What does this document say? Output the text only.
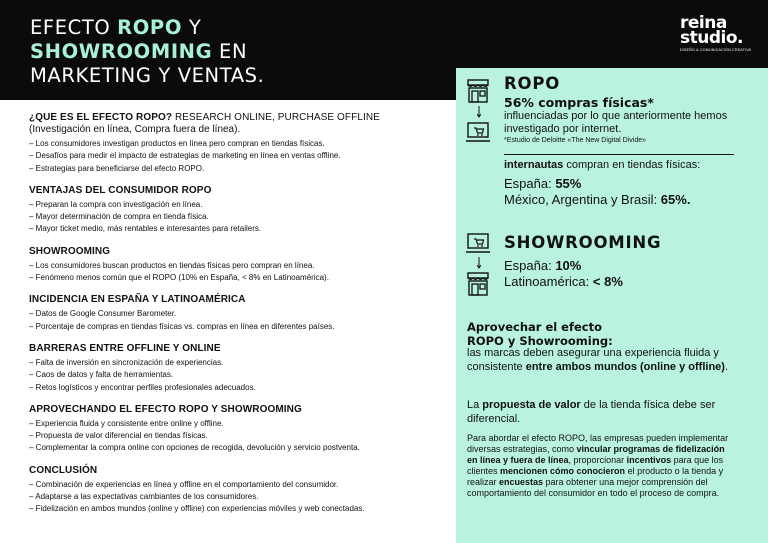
EFECTO ROPO Y
SHOWROOMING EN
MARKETING Y VENTAS.
reina
studio.
DISEÑO & COMUNICACIÓN CREATIVA
¿QUE ES EL EFECTO ROPO? RESEARCH ONLINE, PURCHASE OFFLINE
(Investigación en línea, Compra fuera de línea).
– Los consumidores investigan productos en línea pero compran en tiendas físicas.
– Desafíos para medir el impacto de estrategias de marketing en línea en ventas offline.
– Estrategias para beneficiarse del efecto ROPO.
VENTAJAS DEL CONSUMIDOR ROPO
– Preparan la compra con investigación en línea.
– Mayor determinación de compra en tienda física.
– Mayor ticket medio, más rentables e interesantes para retailers.
SHOWROOMING
– Los consumidores buscan productos en tiendas físicas pero compran en línea.
– Fenómeno menos común que el ROPO (10% en España, < 8% en Latinoamérica).
INCIDENCIA EN ESPAÑA Y LATINOAMÉRICA
– Datos de Google Consumer Barometer.
– Porcentaje de compras en tiendas físicas vs. compras en línea en diferentes países.
BARRERAS ENTRE OFFLINE Y ONLINE
– Falta de inversión en sincronización de experiencias.
– Caos de datos y falta de herramientas.
– Retos logísticos y encontrar perfiles profesionales adecuados.
APROVECHANDO EL EFECTO ROPO Y SHOWROOMING
– Experiencia fluida y consistente entre online y offline.
– Propuesta de valor diferencial en tiendas físicas.
– Complementar la compra online con opciones de recogida, devolución y servicio postventa.
CONCLUSIÓN
– Combinación de experiencias en línea y offline en el comportamiento del consumidor.
– Adaptarse a las expectativas cambiantes de los consumidores.
– Fidelización en ambos mundos (online y offline) con experiencias móviles y web conectadas.
ROPO
56% compras físicas*
influenciadas por lo que anteriormente hemos investigado por internet.
*Estudio de Deloitte «The New Digital Divide»
internautas compran en tiendas físicas:
España: 55%
México, Argentina y Brasil: 65%.
SHOWROOMING
España: 10%
Latinoamérica: < 8%
Aprovechar el efecto
ROPO y Showrooming:
las marcas deben asegurar una experiencia fluida y consistente entre ambos mundos (online y offline).
La propuesta de valor de la tienda física debe ser diferencial.
Para abordar el efecto ROPO, las empresas pueden implementar diversas estrategias, como vincular programas de fidelización en línea y fuera de línea, proporcionar incentivos para que los clientes mencionen cómo conocieron el producto o la tienda y realizar encuestas para obtener una mejor comprensión del comportamiento del consumidor en todo el proceso de compra.
